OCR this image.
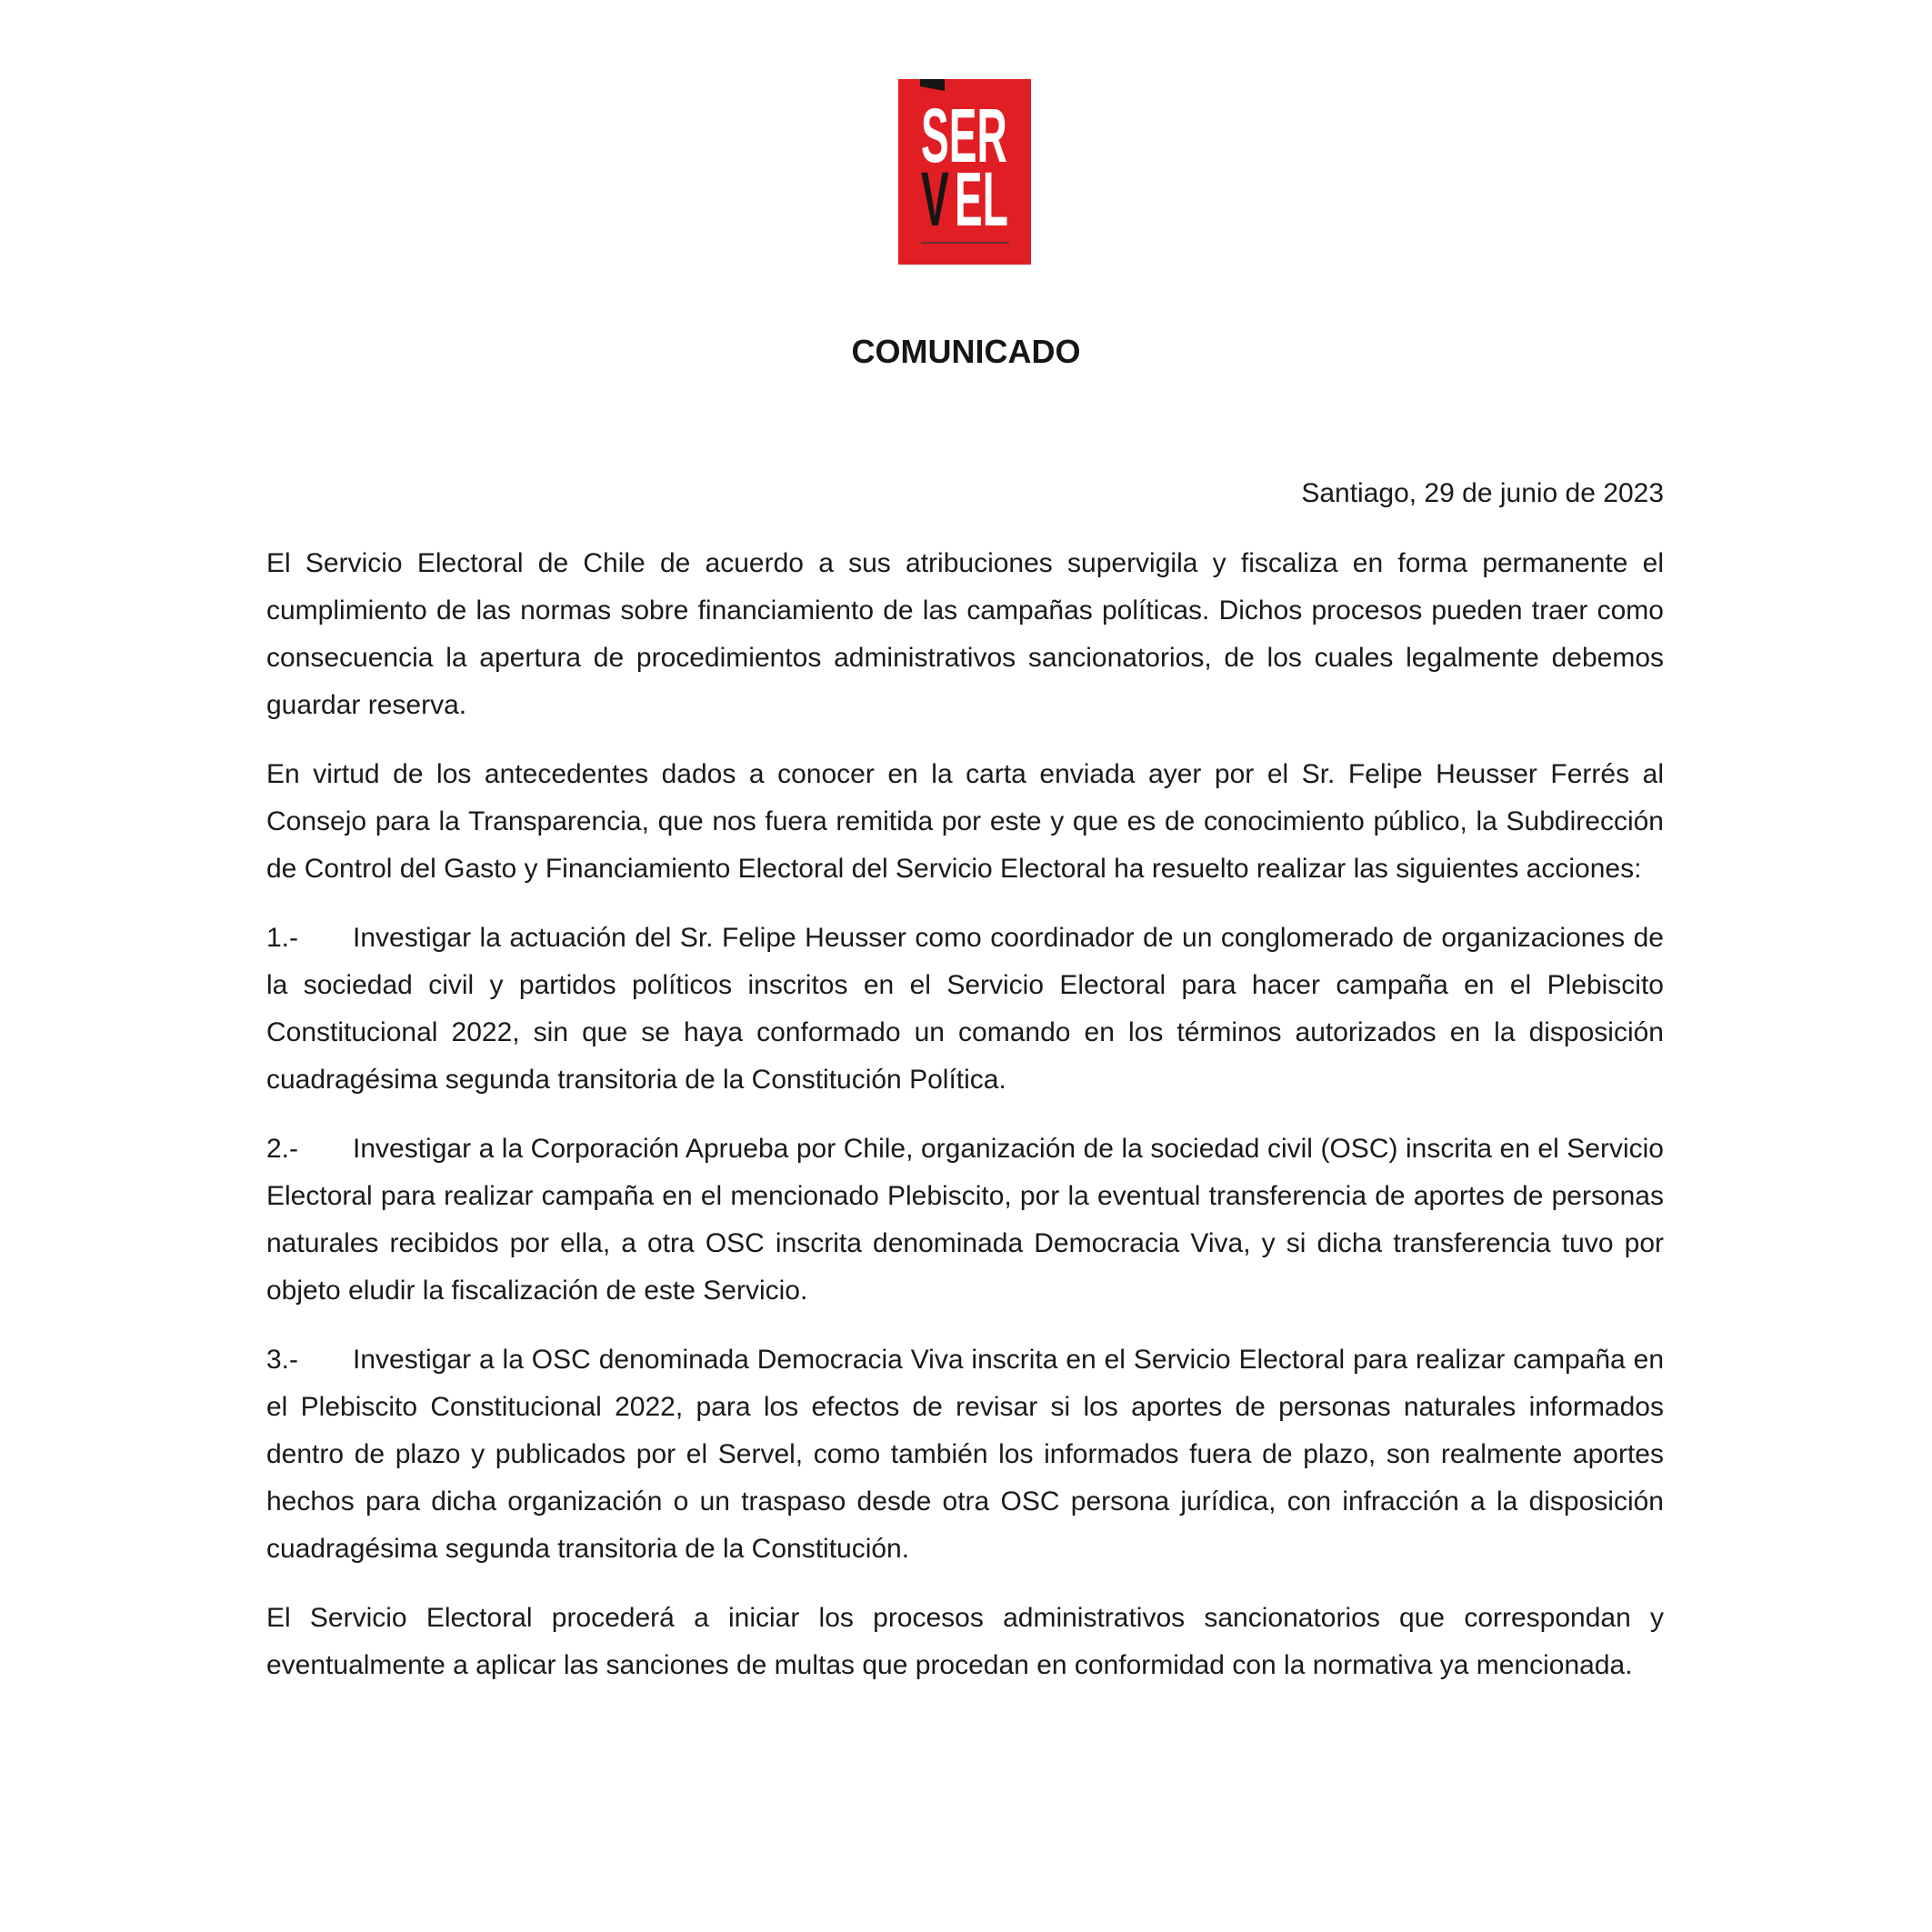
SER
V EL
COMUNICADO

Santiago, 29 de junio de 2023

El Servicio Electoral de Chile de acuerdo a sus atribuciones supervigila y fiscaliza en forma permanente el cumplimiento de las normas sobre financiamiento de las campañas políticas. Dichos procesos pueden traer como consecuencia la apertura de procedimientos administrativos sancionatorios, de los cuales legalmente debemos guardar reserva.

En virtud de los antecedentes dados a conocer en la carta enviada ayer por el Sr. Felipe Heusser Ferrés al Consejo para la Transparencia, que nos fuera remitida por este y que es de conocimiento público, la Subdirección de Control del Gasto y Financiamiento Electoral del Servicio Electoral ha resuelto realizar las siguientes acciones:

1.- Investigar la actuación del Sr. Felipe Heusser como coordinador de un conglomerado de organizaciones de la sociedad civil y partidos políticos inscritos en el Servicio Electoral para hacer campaña en el Plebiscito Constitucional 2022, sin que se haya conformado un comando en los términos autorizados en la disposición cuadragésima segunda transitoria de la Constitución Política.

2.- Investigar a la Corporación Aprueba por Chile, organización de la sociedad civil (OSC) inscrita en el Servicio Electoral para realizar campaña en el mencionado Plebiscito, por la eventual transferencia de aportes de personas naturales recibidos por ella, a otra OSC inscrita denominada Democracia Viva, y si dicha transferencia tuvo por objeto eludir la fiscalización de este Servicio.

3.- Investigar a la OSC denominada Democracia Viva inscrita en el Servicio Electoral para realizar campaña en el Plebiscito Constitucional 2022, para los efectos de revisar si los aportes de personas naturales informados dentro de plazo y publicados por el Servel, como también los informados fuera de plazo, son realmente aportes hechos para dicha organización o un traspaso desde otra OSC persona jurídica, con infracción a la disposición cuadragésima segunda transitoria de la Constitución.

El Servicio Electoral procederá a iniciar los procesos administrativos sancionatorios que correspondan y eventualmente a aplicar las sanciones de multas que procedan en conformidad con la normativa ya mencionada.
